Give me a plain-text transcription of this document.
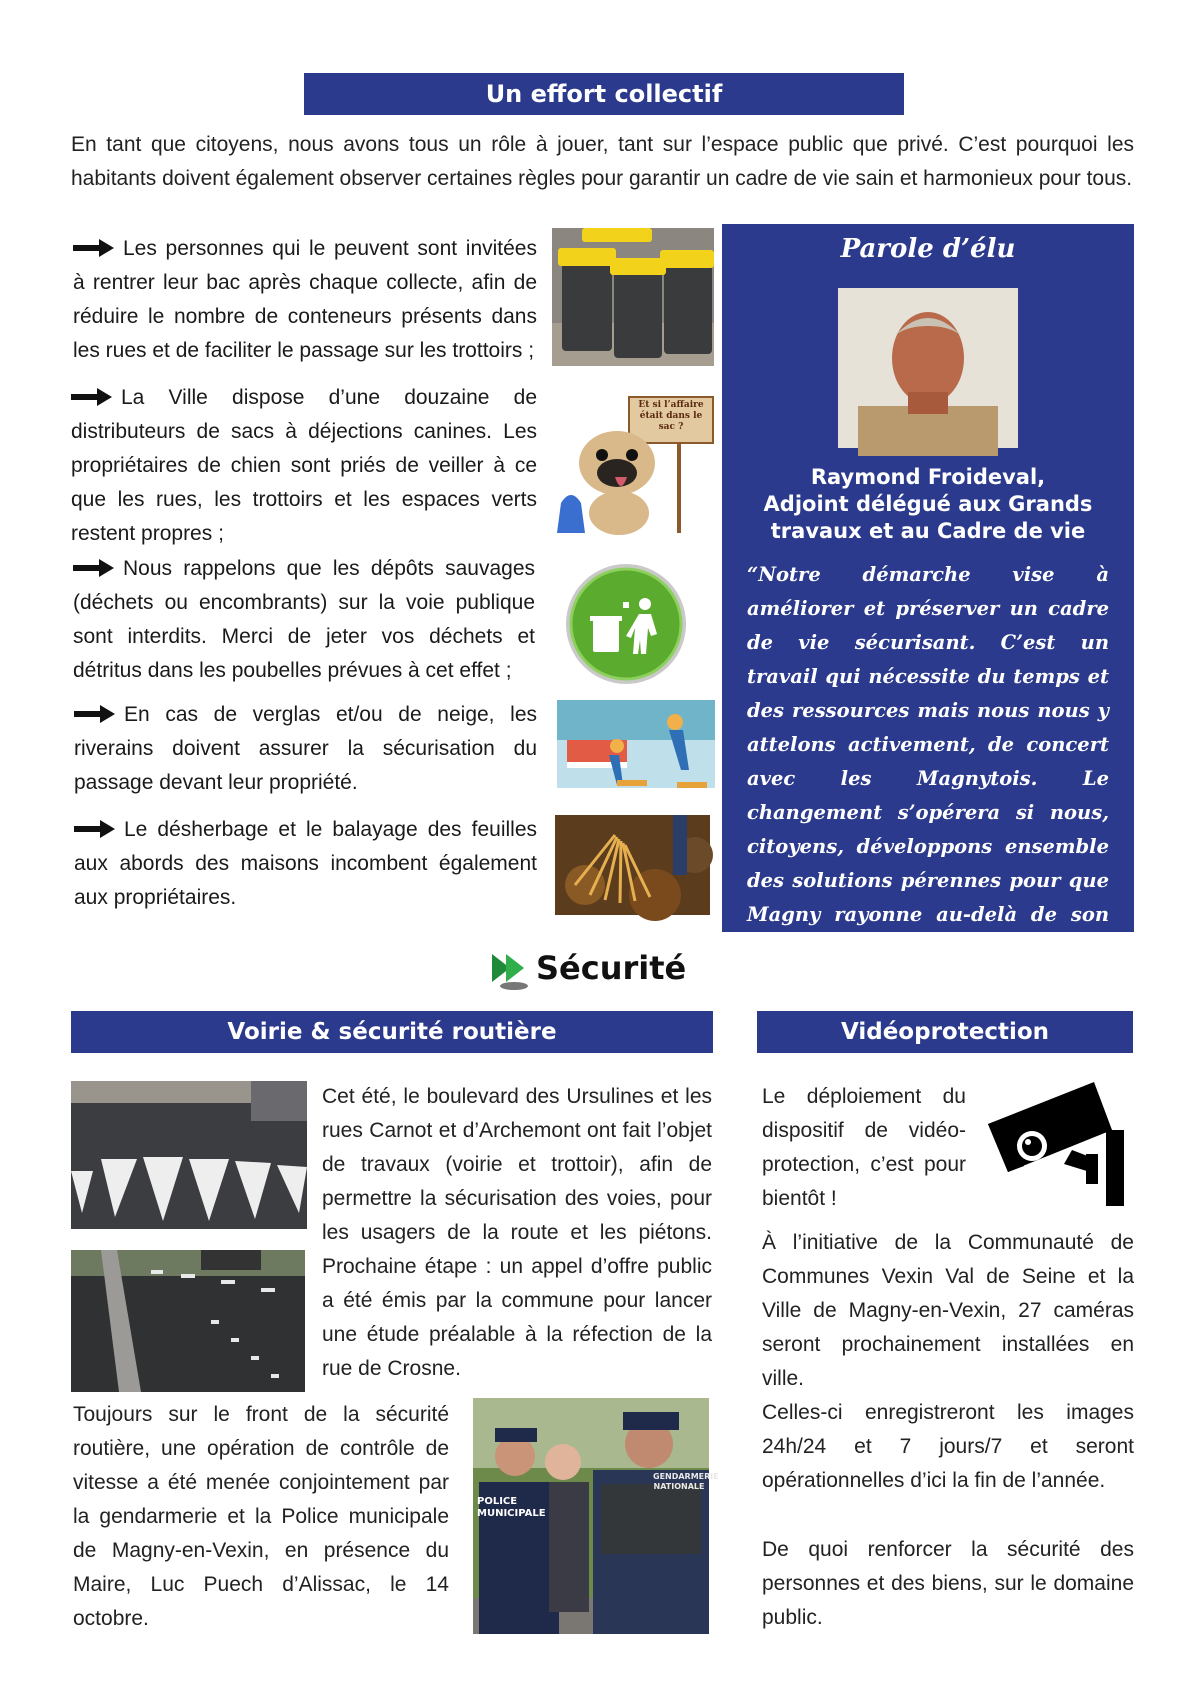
Un effort collectif
En tant que citoyens, nous avons tous un rôle à jouer, tant sur l’espace public que privé. C’est pourquoi les habitants doivent également observer certaines règles pour garantir un cadre de vie sain et harmonieux pour tous.
Les personnes qui le peuvent sont invitées à rentrer leur bac après chaque collecte, afin de réduire le nombre de conteneurs présents dans les rues et de faciliter le passage sur les trottoirs ;
La Ville dispose d’une douzaine de distributeurs de sacs à déjections canines. Les propriétaires de chien sont priés de veiller à ce que les rues, les trottoirs et les espaces verts restent propres ;
Nous rappelons que les dépôts sauvages (déchets ou encombrants) sur la voie publique sont interdits. Merci de jeter vos déchets et détritus dans les poubelles prévues à cet effet ;
En cas de verglas et/ou de neige, les riverains doivent assurer la sécurisation du passage devant leur propriété.
Le désherbage et le balayage des feuilles aux abords des maisons incombent également aux propriétaires.
Et si l’affaire était dans le sac ?
Parole d’élu
Raymond Froideval,
Adjoint délégué aux Grands
travaux et au Cadre de vie
“Notre démarche vise à améliorer et préserver un cadre de vie sécurisant. C’est un travail qui nécessite du temps et des ressources mais nous nous y attelons activement, de concert avec les Magnytois. Le changement s’opérera si nous, citoyens, développons ensemble des solutions pérennes pour que Magny rayonne au-delà de son bassin de vie.”
Sécurité
Voirie & sécurité routière	Vidéoprotection
Cet été, le boulevard des Ursulines et les rues Carnot et d’Archemont ont fait l’objet de travaux (voirie et trottoir), afin de permettre la sécurisation des voies, pour les usagers de la route et les piétons. Prochaine étape : un appel d’offre public a été émis par la commune pour lancer une étude préalable à la réfection de la rue de Crosne.
Toujours sur le front de la sécurité routière, une opération de contrôle de vitesse a été menée conjointement par la gendarmerie et la Police municipale de Magny-en-Vexin, en présence du Maire, Luc Puech d’Alissac, le 14 octobre.
POLICE MUNICIPALE
GENDARMERIE NATIONALE
Le déploiement du dispositif de vidéo-protection, c’est pour bientôt !
À l’initiative de la Communauté de Communes Vexin Val de Seine et la Ville de Magny-en-Vexin, 27 caméras seront prochainement installées en ville.
Celles-ci enregistreront les images 24h/24 et 7 jours/7 et seront opérationnelles d’ici la fin de l’année.
De quoi renforcer la sécurité des personnes et des biens, sur le domaine public.
